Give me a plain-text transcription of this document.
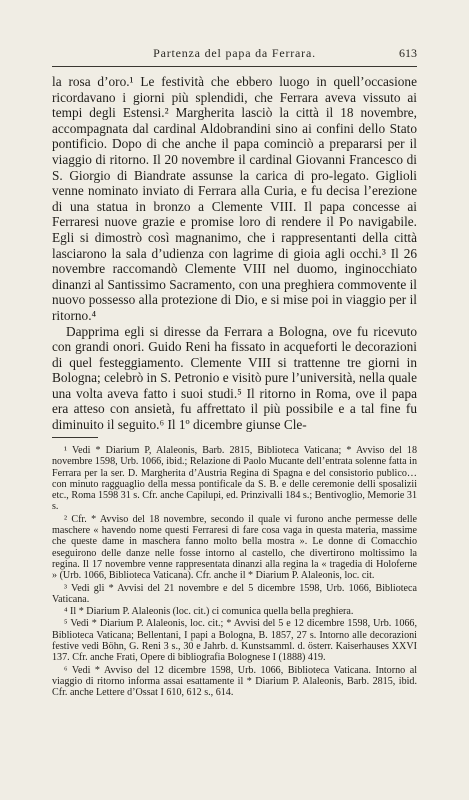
Partenza del papa da Ferrara.	613

la rosa d’oro.¹ Le festività che ebbero luogo in quell’occasione ricordavano i giorni più splendidi, che Ferrara aveva vissuto ai tempi degli Estensi.² Margherita lasciò la città il 18 novembre, accompagnata dal cardinal Aldobrandini sino ai confini dello Stato pontificio. Dopo di che anche il papa cominciò a prepararsi per il viaggio di ritorno. Il 20 novembre il cardinal Giovanni Francesco di S. Giorgio di Biandrate assunse la carica di pro-legato. Giglioli venne nominato inviato di Ferrara alla Curia, e fu decisa l’erezione di una statua in bronzo a Clemente VIII. Il papa concesse ai Ferraresi nuove grazie e promise loro di rendere il Po navigabile. Egli si dimostrò così magnanimo, che i rappresentanti della città lasciarono la sala d’udienza con lagrime di gioia agli occhi.³ Il 26 novembre raccomandò Clemente VIII nel duomo, inginocchiato dinanzi al Santissimo Sacramento, con una preghiera commovente il nuovo possesso alla protezione di Dio, e si mise poi in viaggio per il ritorno.⁴

Dapprima egli si diresse da Ferrara a Bologna, ove fu ricevuto con grandi onori. Guido Reni ha fissato in acqueforti le decorazioni di quel festeggiamento. Clemente VIII si trattenne tre giorni in Bologna; celebrò in S. Petronio e visitò pure l’università, nella quale una volta aveva fatto i suoi studi.⁵ Il ritorno in Roma, ove il papa era atteso con ansietà, fu affrettato il più possibile e a tal fine fu diminuito il seguito.⁶ Il 1º dicembre giunse Cle-

¹ Vedi * Diarium P, Alaleonis, Barb. 2815, Biblioteca Vaticana; * Avviso del 18 novembre 1598, Urb. 1066, ibid.; Relazione di Paolo Mucante dell’entrata solenne fatta in Ferrara per la ser. D. Margherita d’Austria Regina di Spagna e del consistorio publico… con minuto ragguaglio della messa pontificale da S. B. e delle ceremonie delli sposalizii etc., Roma 1598 31 s. Cfr. anche Capilupi, ed. Prinzivalli 184 s.; Bentivoglio, Memorie 31 s.

² Cfr. * Avviso del 18 novembre, secondo il quale vi furono anche permesse delle maschere « havendo nome questi Ferraresi di fare cosa vaga in questa materia, massime che queste dame in maschera fanno molto bella mostra ». Le donne di Comacchio eseguirono delle danze nelle fosse intorno al castello, che divertirono moltissimo la regina. Il 17 novembre venne rappresentata dinanzi alla regina la « tragedia di Holoferne » (Urb. 1066, Biblioteca Vaticana). Cfr. anche il * Diarium P. Alaleonis, loc. cit.

³ Vedi gli * Avvisi del 21 novembre e del 5 dicembre 1598, Urb. 1066, Biblioteca Vaticana.

⁴ Il * Diarium P. Alaleonis (loc. cit.) ci comunica quella bella preghiera.

⁵ Vedi * Diarium P. Alaleonis, loc. cit.; * Avvisi del 5 e 12 dicembre 1598, Urb. 1066, Biblioteca Vaticana; Bellentani, I papi a Bologna, B. 1857, 27 s. Intorno alle decorazioni festive vedi Böhn, G. Reni 3 s., 30 e Jahrb. d. Kunstsamml. d. österr. Kaiserhauses XXVI 137. Cfr. anche Frati, Opere di bibliografia Bolognese I (1888) 419.

⁶ Vedi * Avviso del 12 dicembre 1598, Urb. 1066, Biblioteca Vaticana. Intorno al viaggio di ritorno informa assai esattamente il * Diarium P. Alaleonis, Barb. 2815, ibid. Cfr. anche Lettere d’Ossat I 610, 612 s., 614.
